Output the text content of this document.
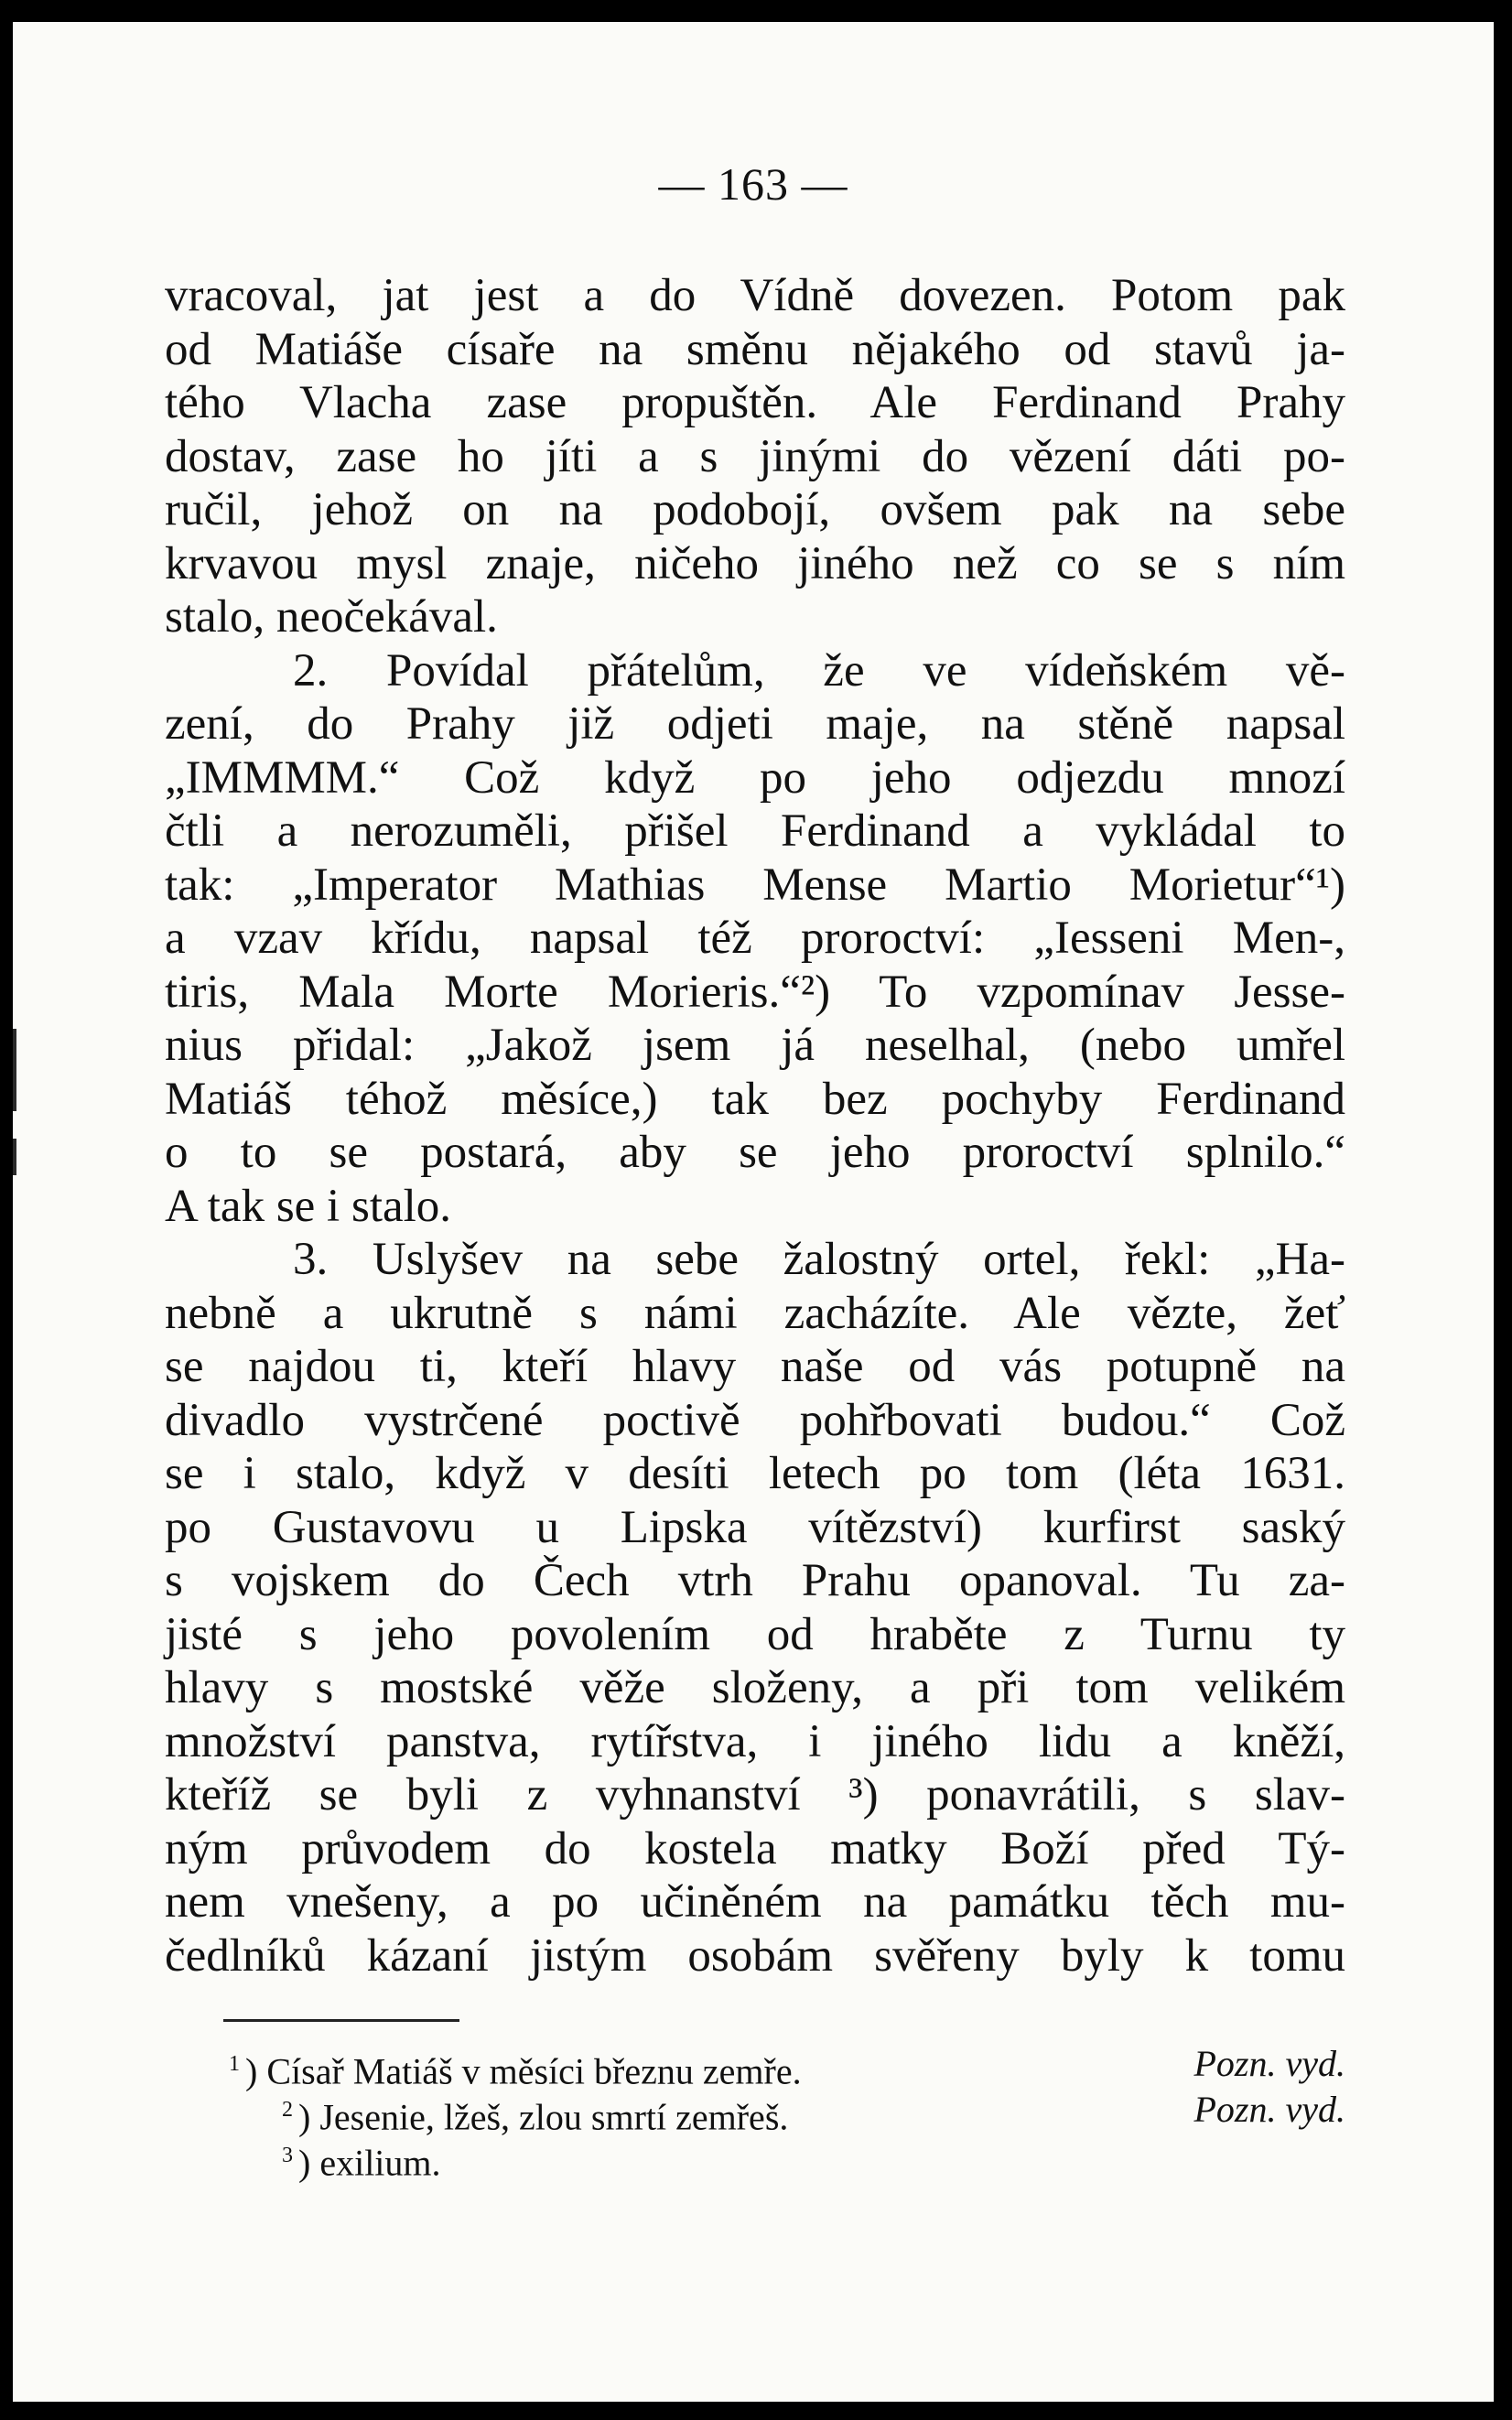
— 163 —
vracoval, jat jest a do Vídně dovezen. Potom pak
od Matiáše císaře na směnu nějakého od stavů ja-
tého Vlacha zase propuštěn. Ale Ferdinand Prahy
dostav, zase ho jíti a s jinými do vězení dáti po-
ručil, jehož on na podobojí, ovšem pak na sebe
krvavou mysl znaje, ničeho jiného než co se s ním
stalo, neočekával.
2. Povídal přátelům, že ve vídeňském vě-
zení, do Prahy již odjeti maje, na stěně napsal
„IMMMM.“ Což když po jeho odjezdu mnozí
čtli a nerozuměli, přišel Ferdinand a vykládal to
tak: „Imperator Mathias Mense Martio Morietur“¹)
a vzav křídu, napsal též proroctví: „Iesseni Men-,
tiris, Mala Morte Morieris.“²) To vzpomínav Jesse-
nius přidal: „Jakož jsem já neselhal, (nebo umřel
Matiáš téhož měsíce,) tak bez pochyby Ferdinand
o to se postará, aby se jeho proroctví splnilo.“
A tak se i stalo.
3. Uslyšev na sebe žalostný ortel, řekl: „Ha-
nebně a ukrutně s námi zacházíte. Ale vězte, žeť
se najdou ti, kteří hlavy naše od vás potupně na
divadlo vystrčené poctivě pohřbovati budou.“ Což
se i stalo, když v desíti letech po tom (léta 1631.
po Gustavovu u Lipska vítězství) kurfirst saský
s vojskem do Čech vtrh Prahu opanoval. Tu za-
jisté s jeho povolením od hraběte z Turnu ty
hlavy s mostské věže složeny, a při tom velikém
množství panstva, rytířstva, i jiného lidu a kněží,
kteříž se byli z vyhnanství ³) ponavrátili, s slav-
ným průvodem do kostela matky Boží před Tý-
nem vnešeny, a po učiněném na památku těch mu-
čedlníků kázaní jistým osobám svěřeny byly k tomu
$^1$ ) Císař Matiáš v měsíci březnu zemře.	Pozn. vyd.
$^2$ ) Jesenie, lžeš, zlou smrtí zemřeš.	Pozn. vyd.
$^3$ ) exilium.
